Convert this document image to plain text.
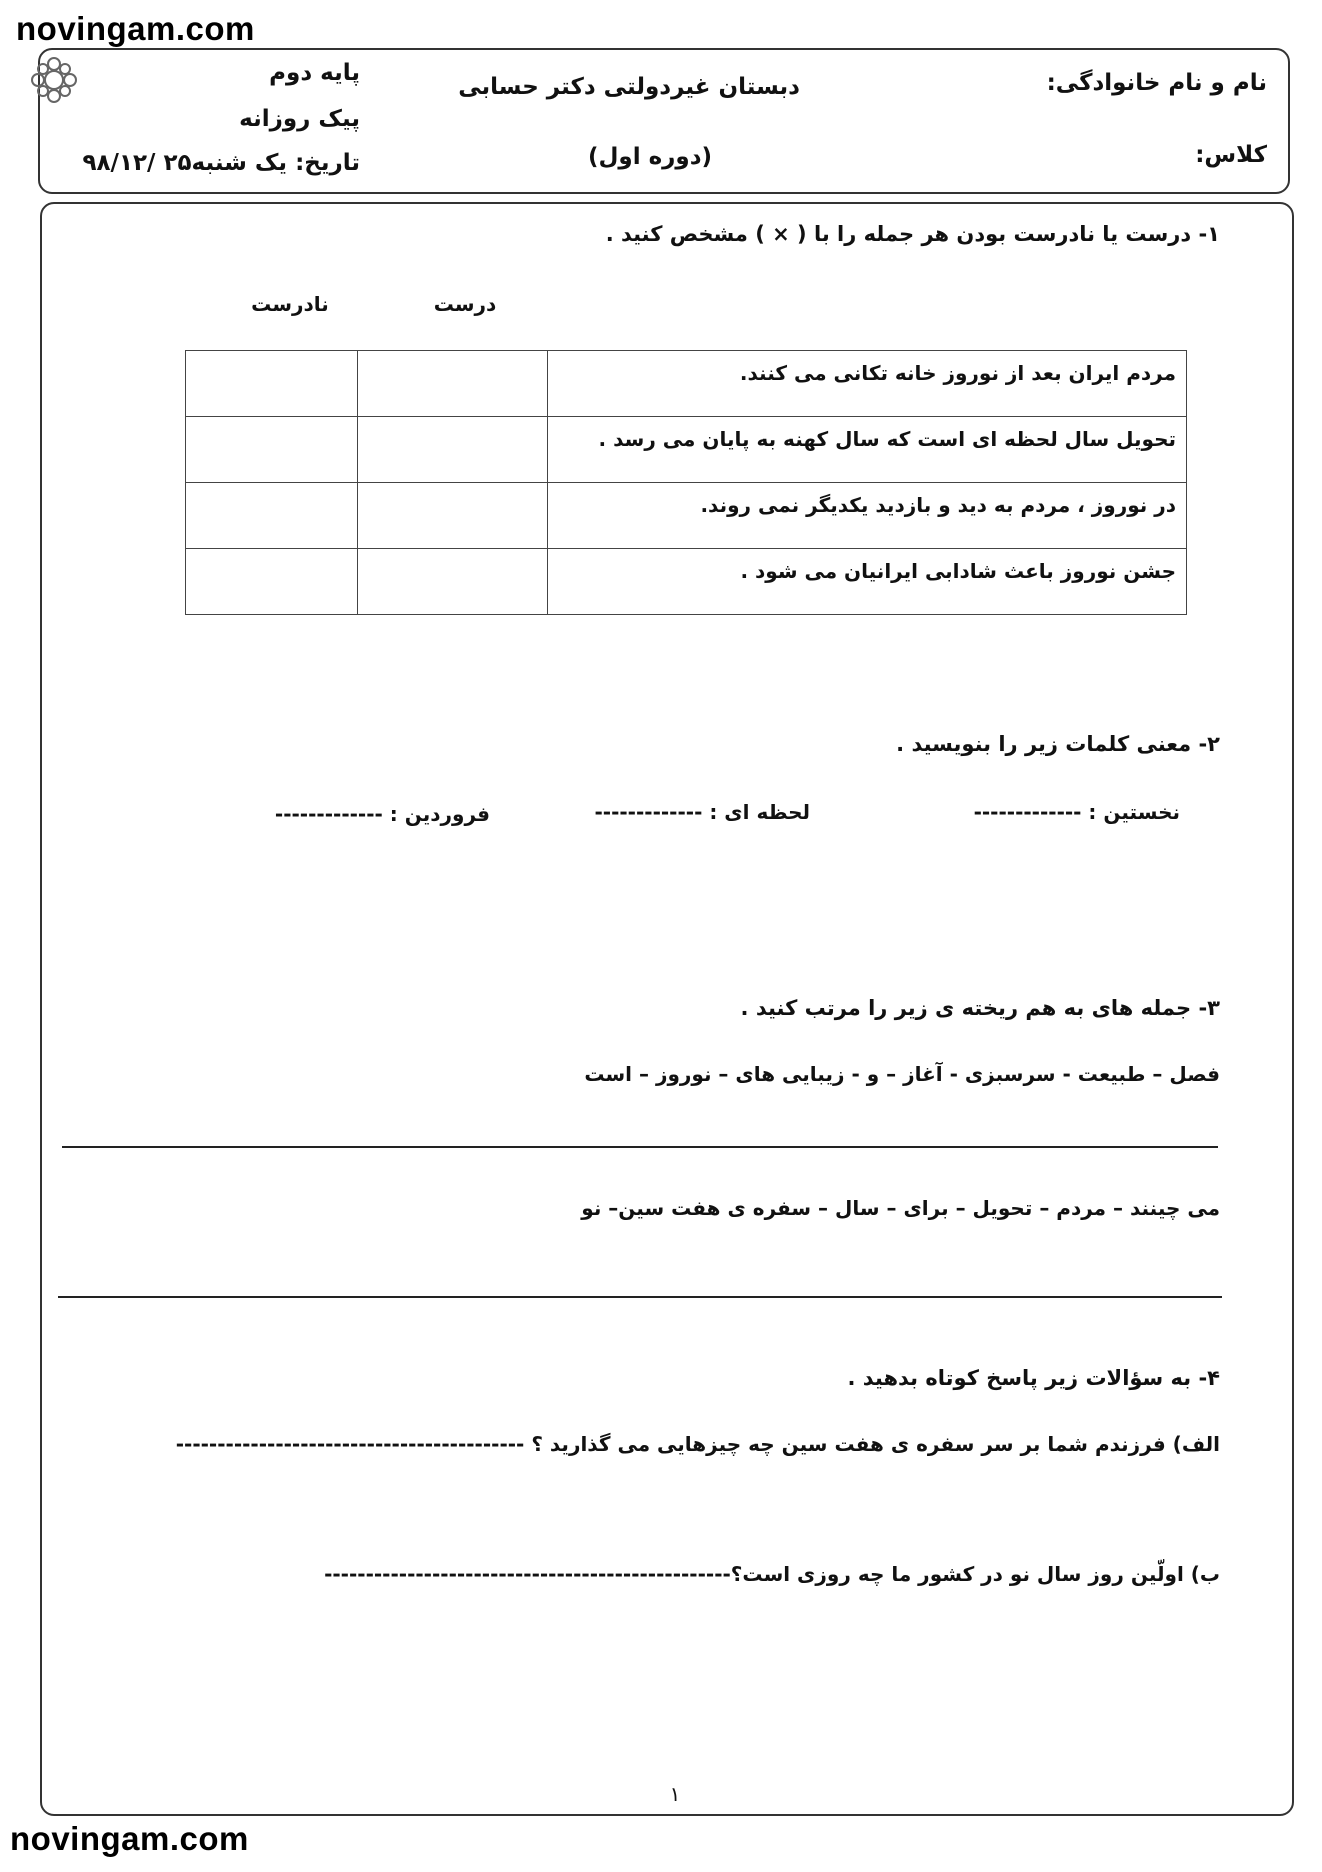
novingam.com
novingam.com
نام و نام خانوادگی:
کلاس:
دبستان غیردولتی دکتر حسابی
(دوره اول)
پایه دوم
پیک روزانه
تاریخ: یک شنبه۲۵ /۹۸/۱۲
۱- درست یا نادرست بودن هر جمله را با ( × ) مشخص کنید .
درست
نادرست
مردم ایران بعد از نوروز خانه تکانی می کنند.		
تحویل سال لحظه ای است که سال کهنه به پایان می رسد .		
در نوروز ، مردم به دید و بازدید یکدیگر نمی روند.		
جشن نوروز باعث شادابی ایرانیان می شود .		
۲- معنی کلمات زیر را بنویسید .
نخستین : -------------
لحظه ای : -------------
فروردین : -------------
۳- جمله های به هم ریخته ی زیر را مرتب کنید .
فصل – طبیعت - سرسبزی - آغاز – و - زیبایی های – نوروز – است
می چینند – مردم – تحویل – برای – سال – سفره ی هفت سین– نو
۴- به سؤالات زیر پاسخ کوتاه بدهید .
الف) فرزندم شما بر سر سفره ی هفت سین چه چیزهایی می گذارید ؟ ------------------------------------------
ب) اولّین روز سال نو در کشور ما چه روزی است؟-------------------------------------------------
۱
